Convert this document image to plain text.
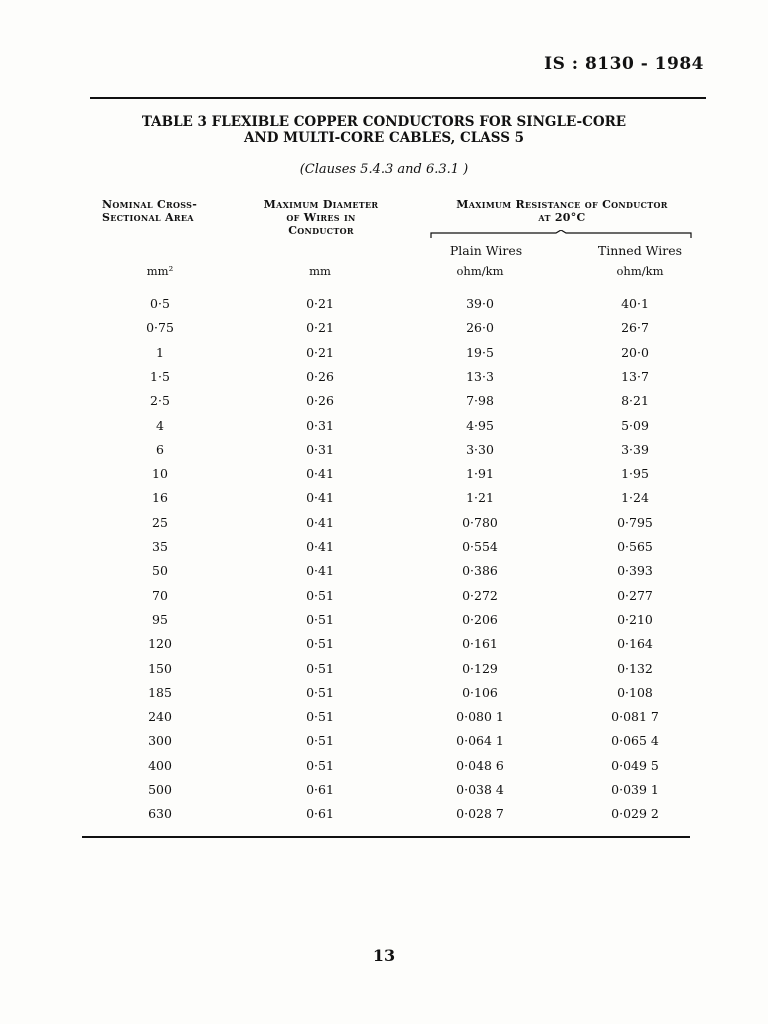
IS : 8130 - 1984
TABLE 3 FLEXIBLE COPPER CONDUCTORS FOR SINGLE-CORE
AND MULTI-CORE CABLES, CLASS 5
(Clauses 5.4.3 and 6.3.1 )
Nominal Cross-
Sectional Area
Maximum Diameter
of Wires in
Conductor
Maximum Resistance of Conductor
at 20°C
Plain Wires	Tinned Wires
mm²	mm	ohm/km	ohm/km
0·5	0·21	39·0	40·1
0·75	0·21	26·0	26·7
1	0·21	19·5	20·0
1·5	0·26	13·3	13·7
2·5	0·26	7·98	8·21
4	0·31	4·95	5·09
6	0·31	3·30	3·39
10	0·41	1·91	1·95
16	0·41	1·21	1·24
25	0·41	0·780	0·795
35	0·41	0·554	0·565
50	0·41	0·386	0·393
70	0·51	0·272	0·277
95	0·51	0·206	0·210
120	0·51	0·161	0·164
150	0·51	0·129	0·132
185	0·51	0·106	0·108
240	0·51	0·080 1	0·081 7
300	0·51	0·064 1	0·065 4
400	0·51	0·048 6	0·049 5
500	0·61	0·038 4	0·039 1
630	0·61	0·028 7	0·029 2
13
